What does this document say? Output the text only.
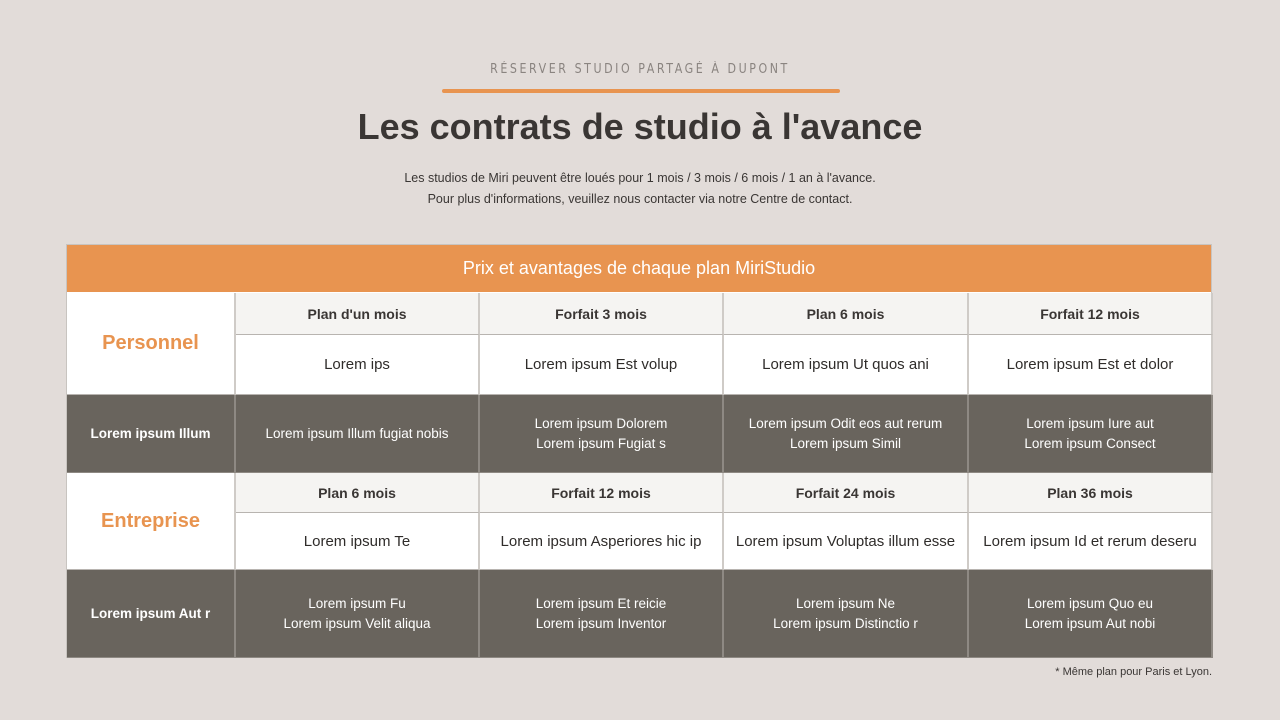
RÉSERVER STUDIO PARTAGÉ À DUPONT
Les contrats de studio à l'avance
Les studios de Miri peuvent être loués pour 1 mois / 3 mois / 6 mois / 1 an à l'avance.
Pour plus d'informations, veuillez nous contacter via notre Centre de contact.
Prix et avantages de chaque plan MiriStudio
Personnel
Plan d'un mois
Lorem ips
Lorem ipsum Illum fugiat nobis
Forfait 3 mois
Lorem ipsum Est volup
Lorem ipsum Dolorem
Lorem ipsum Fugiat s
Plan 6 mois
Lorem ipsum Ut quos ani
Lorem ipsum Odit eos aut rerum
Lorem ipsum Simil
Forfait 12 mois
Lorem ipsum Est et dolor
Lorem ipsum Iure aut
Lorem ipsum Consect
Lorem ipsum Illum
Entreprise
Plan 6 mois
Lorem ipsum Te
Lorem ipsum Fu
Lorem ipsum Velit aliqua
Forfait 12 mois
Lorem ipsum Asperiores hic ip
Lorem ipsum Et reicie
Lorem ipsum Inventor
Forfait 24 mois
Lorem ipsum Voluptas illum esse
Lorem ipsum Ne
Lorem ipsum Distinctio r
Plan 36 mois
Lorem ipsum Id et rerum deseru
Lorem ipsum Quo eu
Lorem ipsum Aut nobi
Lorem ipsum Aut r
* Même plan pour Paris et Lyon.
